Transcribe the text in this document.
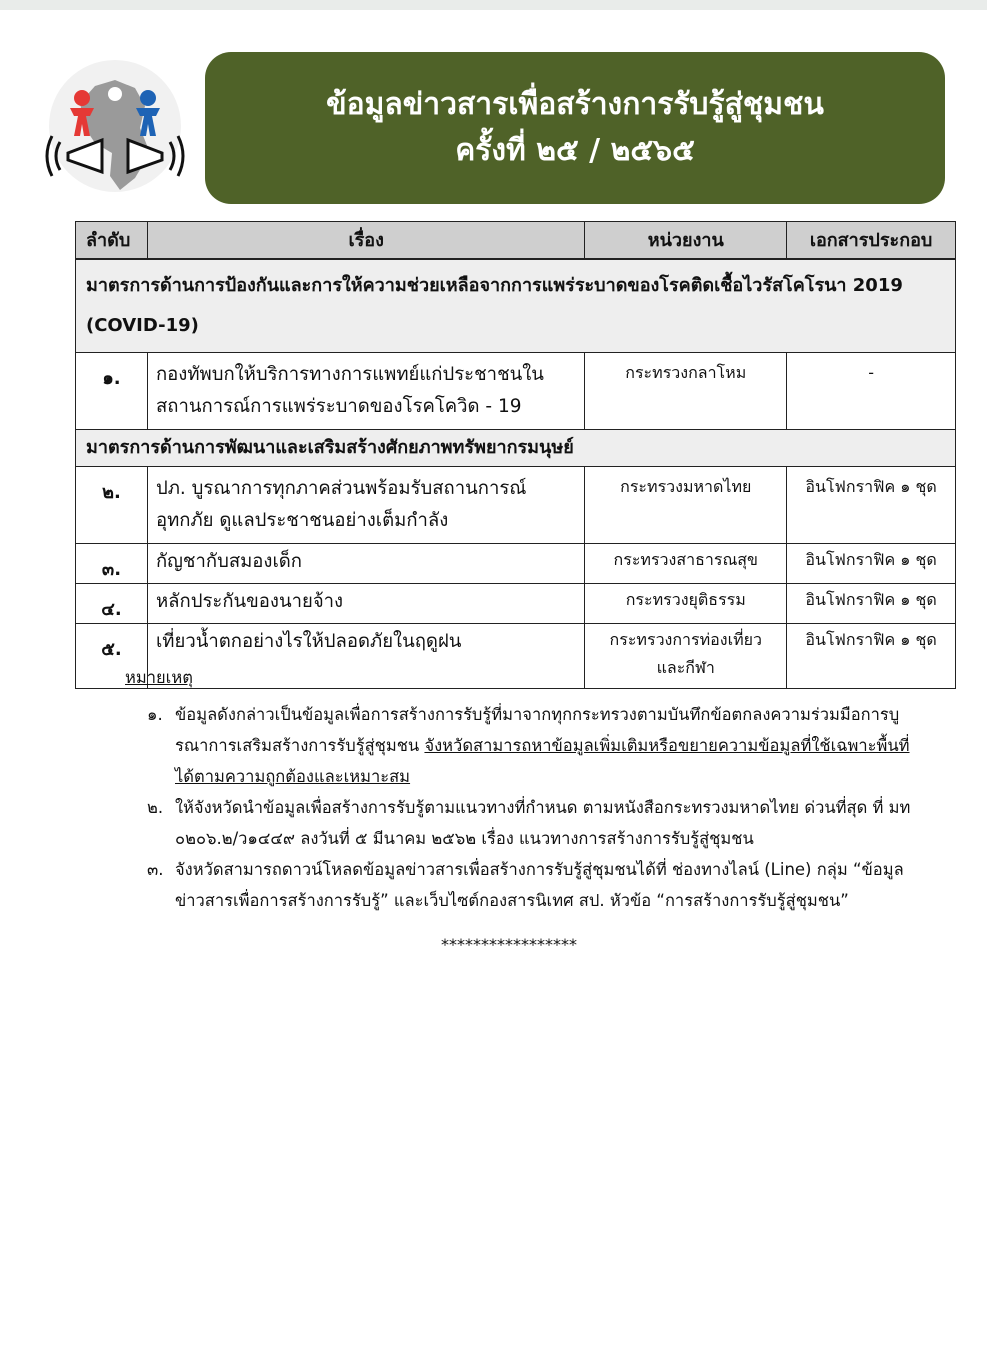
ข้อมูลข่าวสารเพื่อสร้างการรับรู้สู่ชุมชน
ครั้งที่ ๒๕ / ๒๕๖๕
ลำดับ	เรื่อง	หน่วยงาน	เอกสารประกอบ
มาตรการด้านการป้องกันและการให้ความช่วยเหลือจากการแพร่ระบาดของโรคติดเชื้อไวรัสโคโรนา 2019 (COVID-19)			
๑.	กองทัพบกให้บริการทางการแพทย์แก่ประชาชนในสถานการณ์การแพร่ระบาดของโรคโควิด - 19	กระทรวงกลาโหม	-
มาตรการด้านการพัฒนาและเสริมสร้างศักยภาพทรัพยากรมนุษย์			
๒.	ปภ. บูรณาการทุกภาคส่วนพร้อมรับสถานการณ์อุทกภัย ดูแลประชาชนอย่างเต็มกำลัง	กระทรวงมหาดไทย	อินโฟกราฟิค ๑ ชุด
๓.	กัญชากับสมองเด็ก	กระทรวงสาธารณสุข	อินโฟกราฟิค ๑ ชุด
๔.	หลักประกันของนายจ้าง	กระทรวงยุติธรรม	อินโฟกราฟิค ๑ ชุด
๕.	เที่ยวน้ำตกอย่างไรให้ปลอดภัยในฤดูฝน	กระทรวงการท่องเที่ยว และกีฬา	อินโฟกราฟิค ๑ ชุด
หมายเหตุ
๑. ข้อมูลดังกล่าวเป็นข้อมูลเพื่อการสร้างการรับรู้ที่มาจากทุกกระทรวงตามบันทึกข้อตกลงความร่วมมือการบูรณาการเสริมสร้างการรับรู้สู่ชุมชน จังหวัดสามารถหาข้อมูลเพิ่มเติมหรือขยายความข้อมูลที่ใช้เฉพาะพื้นที่ได้ตามความถูกต้องและเหมาะสม
๒. ให้จังหวัดนำข้อมูลเพื่อสร้างการรับรู้ตามแนวทางที่กำหนด ตามหนังสือกระทรวงมหาดไทย ด่วนที่สุด ที่ มท ๐๒๐๖.๒/ว๑๔๔๙ ลงวันที่ ๕ มีนาคม ๒๕๖๒ เรื่อง แนวทางการสร้างการรับรู้สู่ชุมชน
๓. จังหวัดสามารถดาวน์โหลดข้อมูลข่าวสารเพื่อสร้างการรับรู้สู่ชุมชนได้ที่ ช่องทางไลน์ (Line) กลุ่ม “ข้อมูลข่าวสารเพื่อการสร้างการรับรู้” และเว็บไซต์กองสารนิเทศ สป. หัวข้อ “การสร้างการรับรู้สู่ชุมชน”
*****************
